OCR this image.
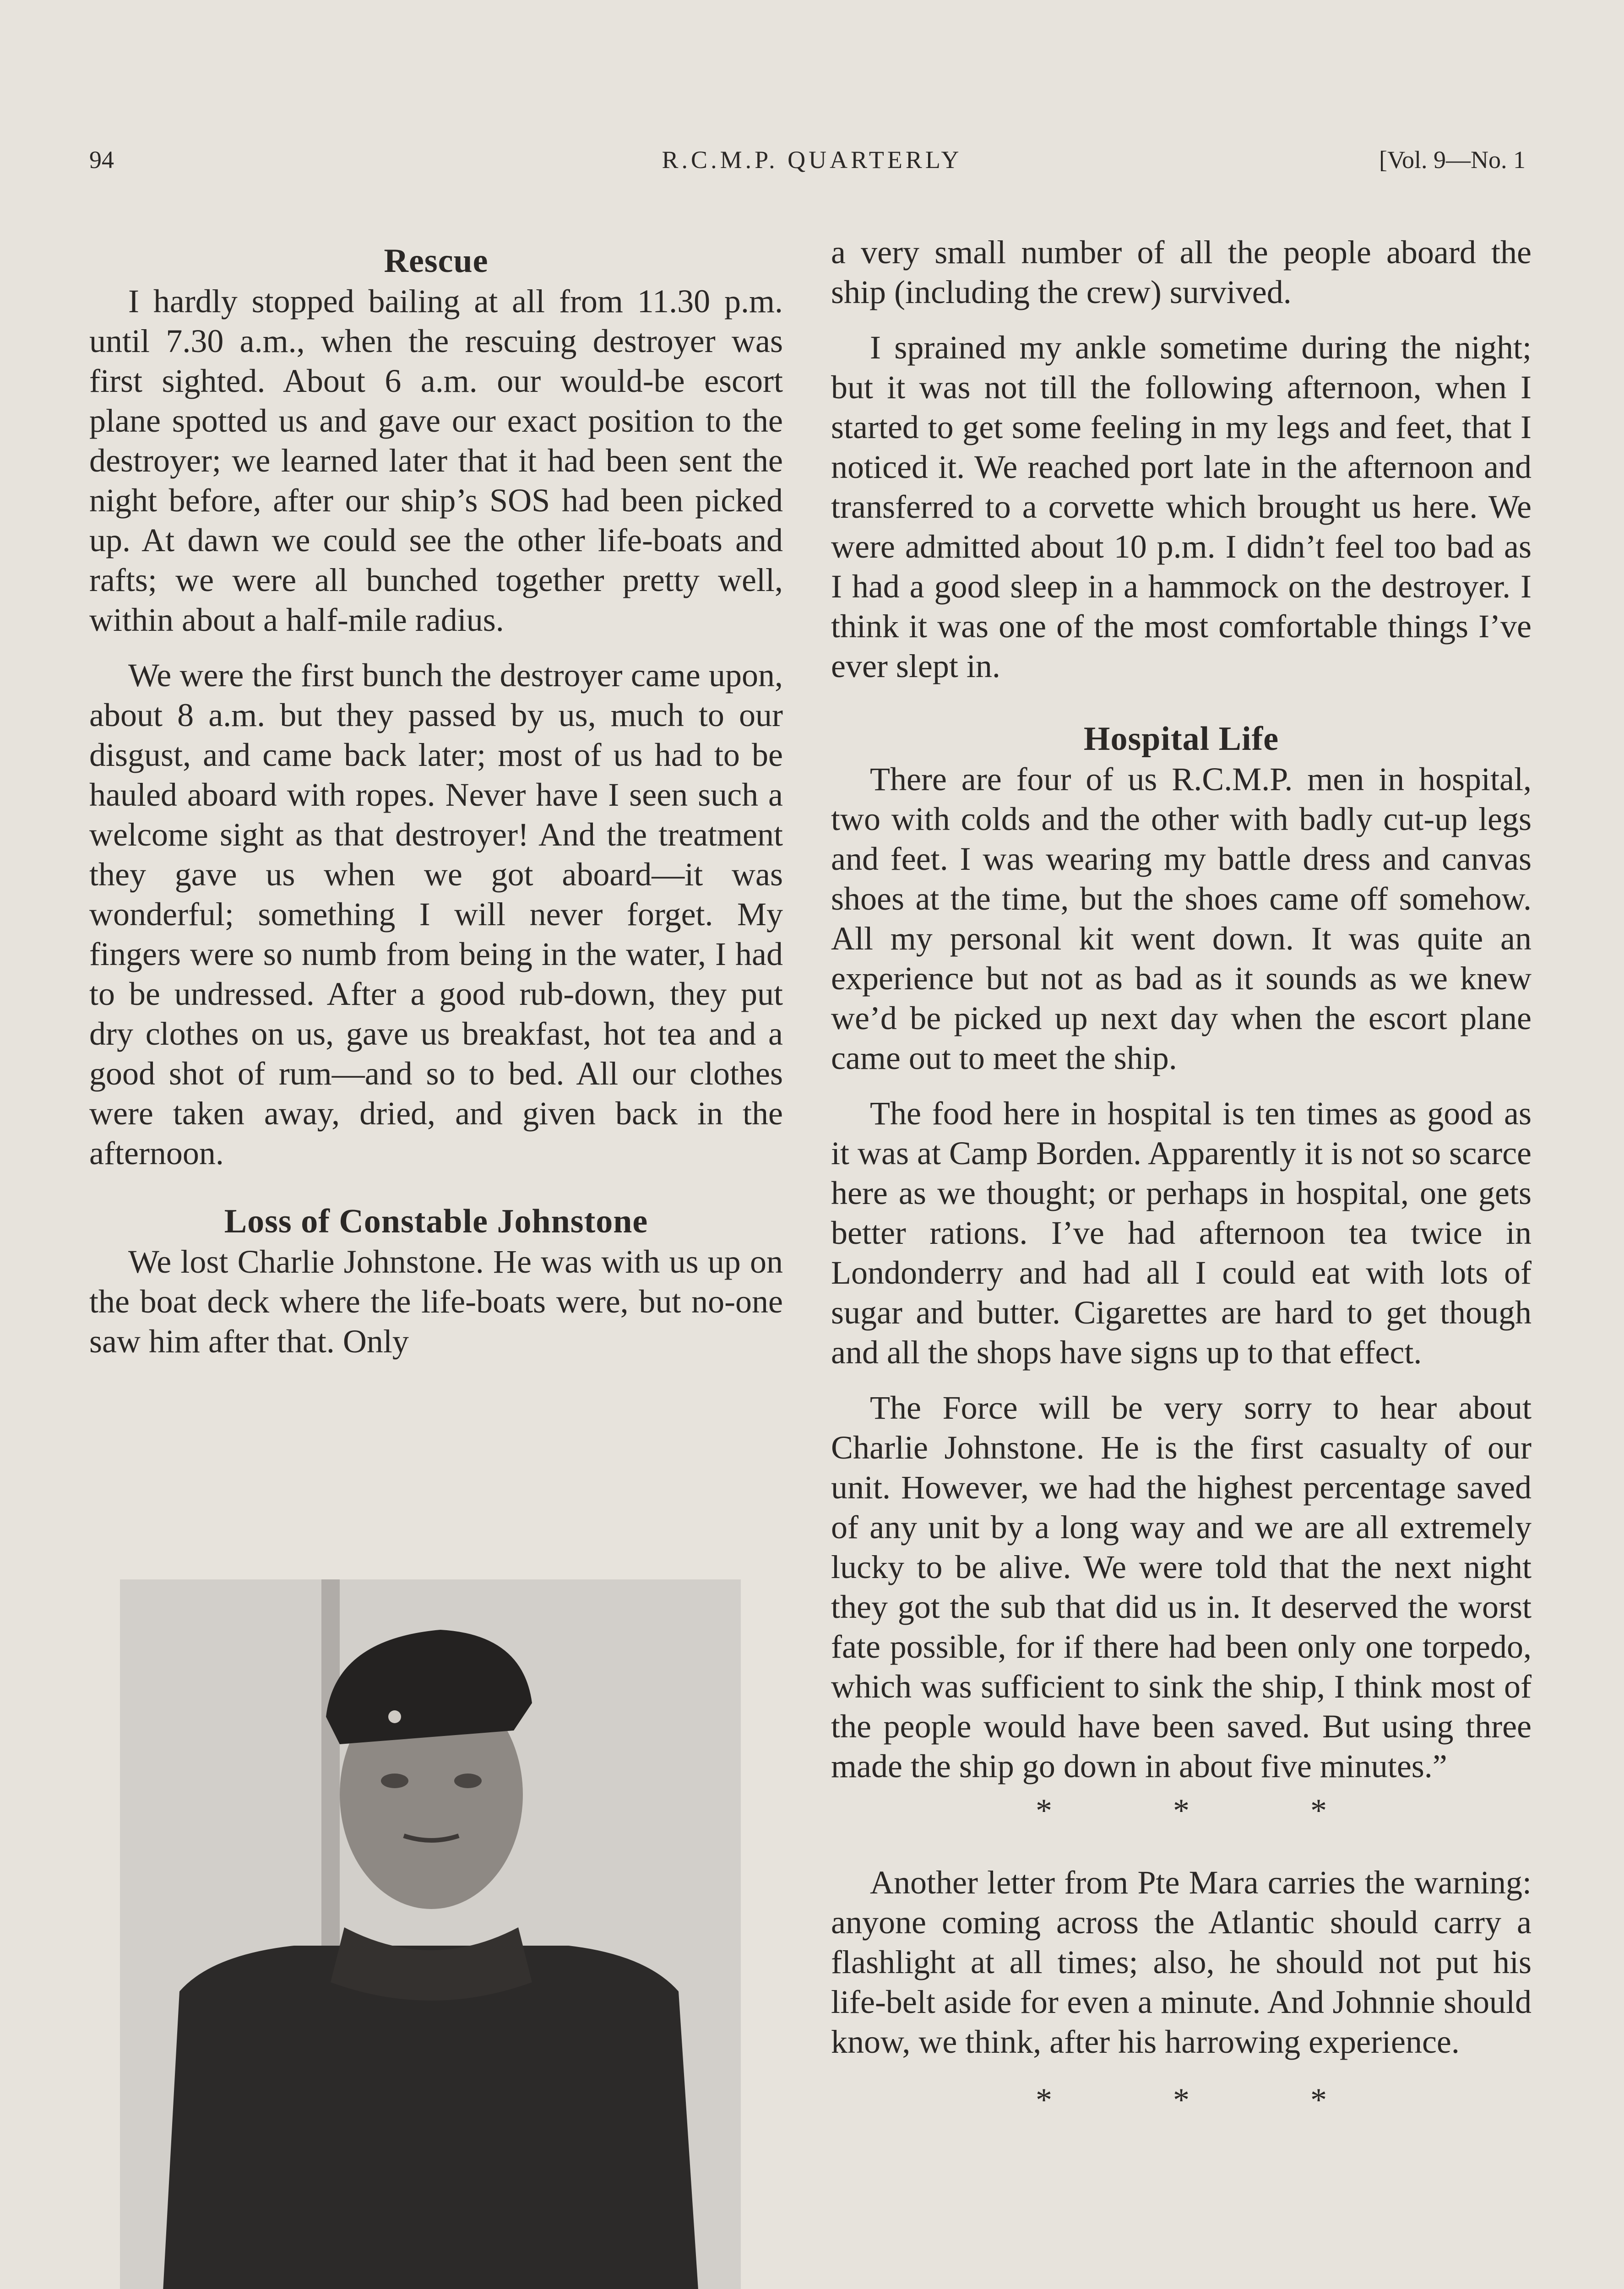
94	R.C.M.P. QUARTERLY	[Vol. 9—No. 1
Rescue

I hardly stopped bailing at all from 11.30 p.m. until 7.30 a.m., when the rescuing destroyer was first sighted. About 6 a.m. our would-be escort plane spotted us and gave our exact position to the destroyer; we learned later that it had been sent the night before, after our ship’s SOS had been picked up. At dawn we could see the other life-boats and rafts; we were all bunched together pretty well, within about a half-mile radius.

We were the first bunch the destroyer came upon, about 8 a.m. but they passed by us, much to our disgust, and came back later; most of us had to be hauled aboard with ropes. Never have I seen such a welcome sight as that destroyer! And the treatment they gave us when we got aboard—it was wonderful; something I will never forget. My fingers were so numb from being in the water, I had to be undressed. After a good rub-down, they put dry clothes on us, gave us breakfast, hot tea and a good shot of rum—and so to bed. All our clothes were taken away, dried, and given back in the afternoon.

Loss of Constable Johnstone

We lost Charlie Johnstone. He was with us up on the boat deck where the life-boats were, but no-one saw him after that. Only

a very small number of all the people aboard the ship (including the crew) survived.

I sprained my ankle sometime during the night; but it was not till the following afternoon, when I started to get some feeling in my legs and feet, that I noticed it. We reached port late in the afternoon and transferred to a corvette which brought us here. We were admitted about 10 p.m. I didn’t feel too bad as I had a good sleep in a hammock on the destroyer. I think it was one of the most comfortable things I’ve ever slept in.

Hospital Life

There are four of us R.C.M.P. men in hospital, two with colds and the other with badly cut-up legs and feet. I was wearing my battle dress and canvas shoes at the time, but the shoes came off somehow. All my personal kit went down. It was quite an experience but not as bad as it sounds as we knew we’d be picked up next day when the escort plane came out to meet the ship.

The food here in hospital is ten times as good as it was at Camp Borden. Apparently it is not so scarce here as we thought; or perhaps in hospital, one gets better rations. I’ve had afternoon tea twice in Londonderry and had all I could eat with lots of sugar and butter. Cigarettes are hard to get though and all the shops have signs up to that effect.

The Force will be very sorry to hear about Charlie Johnstone. He is the first casualty of our unit. However, we had the highest percentage saved of any unit by a long way and we are all extremely lucky to be alive. We were told that the next night they got the sub that did us in. It deserved the worst fate possible, for if there had been only one torpedo, which was sufficient to sink the ship, I think most of the people would have been saved. But using three made the ship go down in about five minutes.”

*	*	*

Another letter from Pte Mara carries the warning: anyone coming across the Atlantic should carry a flashlight at all times; also, he should not put his life-belt aside for even a minute. And Johnnie should know, we think, after his harrowing experience.

*	*	*
